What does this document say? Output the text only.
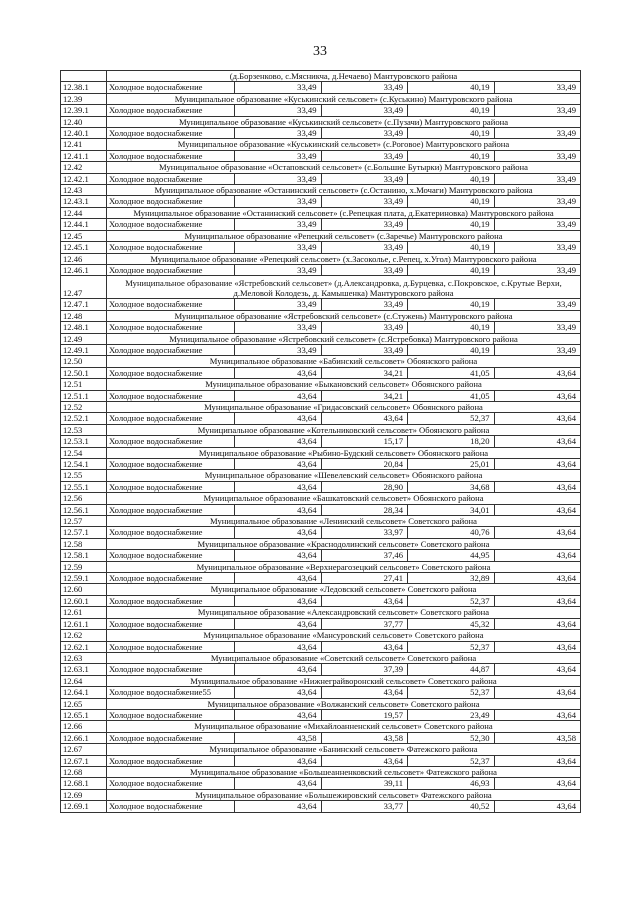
33
	(д.Борзенково, с.Мясникча, д.Нечаево) Мантуровского района				
12.38.1	Холодное водоснабжение	33,49	33,49	40,19	33,49
12.39	Муниципальное образование «Куськинский сельсовет» (с.Куськино) Мантуровского района				
12.39.1	Холодное водоснабжение	33,49	33,49	40,19	33,49
12.40	Муниципальное образование «Куськинский сельсовет» (с.Пузачи) Мантуровского района				
12.40.1	Холодное водоснабжение	33,49	33,49	40,19	33,49
12.41	Муниципальное образование «Куськинский сельсовет» (с.Роговое) Мантуровского района				
12.41.1	Холодное водоснабжение	33,49	33,49	40,19	33,49
12.42	Муниципальное образование «Остаповский сельсовет» (с.Большие Бутырки) Мантуровского района				
12.42.1	Холодное водоснабжение	33,49	33,49	40,19	33,49
12.43	Муниципальное образование «Останинский сельсовет» (с.Останино, х.Мочаги) Мантуровского района				
12.43.1	Холодное водоснабжение	33,49	33,49	40,19	33,49
12.44	Муниципальное образование «Останинский сельсовет» (с.Репецкая плата, д.Екатериновка) Мантуровского района				
12.44.1	Холодное водоснабжение	33,49	33,49	40,19	33,49
12.45	Муниципальное образование «Репецкий сельсовет» (с.Заречье) Мантуровского района				
12.45.1	Холодное водоснабжение	33,49	33,49	40,19	33,49
12.46	Муниципальное образование «Репецкий сельсовет» (х.Засоколье, с.Репец, х.Угол) Мантуровского района				
12.46.1	Холодное водоснабжение	33,49	33,49	40,19	33,49
12.47	Муниципальное образование «Ястребовский сельсовет» (д.Александровка, д.Бурцевка, с.Покровское, с.Крутые Верхи, д.Меловой Колодезь, д. Камышенка) Мантуровского района				
12.47.1	Холодное водоснабжение	33,49	33,49	40,19	33,49
12.48	Муниципальное образование «Ястребовский сельсовет» (с.Стужень) Мантуровского района				
12.48.1	Холодное водоснабжение	33,49	33,49	40,19	33,49
12.49	Муниципальное образование «Ястребовский сельсовет» (с.Ястребовка) Мантуровского района				
12.49.1	Холодное водоснабжение	33,49	33,49	40,19	33,49
12.50	Муниципальное образование «Бабинский сельсовет» Обоянского района				
12.50.1	Холодное водоснабжение	43,64	34,21	41,05	43,64
12.51	Муниципальное образование «Быкановский сельсовет» Обоянского района				
12.51.1	Холодное водоснабжение	43,64	34,21	41,05	43,64
12.52	Муниципальное образование «Гридасовский сельсовет» Обоянского района				
12.52.1	Холодное водоснабжение	43,64	43,64	52,37	43,64
12.53	Муниципальное образование «Котельниковский сельсовет» Обоянского района				
12.53.1	Холодное водоснабжение	43,64	15,17	18,20	43,64
12.54	Муниципальное образование «Рыбино-Будский сельсовет» Обоянского района				
12.54.1	Холодное водоснабжение	43,64	20,84	25,01	43,64
12.55	Муниципальное образование «Шевелевский сельсовет» Обоянского района				
12.55.1	Холодное водоснабжение	43,64	28,90	34,68	43,64
12.56	Муниципальное образование «Башкатовский сельсовет» Обоянского района				
12.56.1	Холодное водоснабжение	43,64	28,34	34,01	43,64
12.57	Муниципальное образование «Ленинский сельсовет» Советского района				
12.57.1	Холодное водоснабжение	43,64	33,97	40,76	43,64
12.58	Муниципальное образование «Краснодолинский сельсовет» Советского района				
12.58.1	Холодное водоснабжение	43,64	37,46	44,95	43,64
12.59	Муниципальное образование «Верхнерагозецкий сельсовет» Советского района				
12.59.1	Холодное водоснабжение	43,64	27,41	32,89	43,64
12.60	Муниципальное образование «Ледовский сельсовет» Советского района				
12.60.1	Холодное водоснабжение	43,64	43,64	52,37	43,64
12.61	Муниципальное образование «Александровский сельсовет» Советского района				
12.61.1	Холодное водоснабжение	43,64	37,77	45,32	43,64
12.62	Муниципальное образование «Мансуровский сельсовет» Советского района				
12.62.1	Холодное водоснабжение	43,64	43,64	52,37	43,64
12.63	Муниципальное образование «Советский сельсовет» Советского района				
12.63.1	Холодное водоснабжение	43,64	37,39	44,87	43,64
12.64	Муниципальное образование «Нижнеграйворонский сельсовет» Советского района				
12.64.1	Холодное водоснабжение55	43,64	43,64	52,37	43,64
12.65	Муниципальное образование «Волжанский сельсовет» Советского района				
12.65.1	Холодное водоснабжение	43,64	19,57	23,49	43,64
12.66	Муниципальное образование «Михайлоанненский сельсовет» Советского района				
12.66.1	Холодное водоснабжение	43,58	43,58	52,30	43,58
12.67	Муниципальное образование «Банинский сельсовет» Фатежского района				
12.67.1	Холодное водоснабжение	43,64	43,64	52,37	43,64
12.68	Муниципальное образование «Большеанненковский сельсовет» Фатежского района				
12.68.1	Холодное водоснабжение	43,64	39,11	46,93	43,64
12.69	Муниципальное образование «Большежировский сельсовет» Фатежского района				
12.69.1	Холодное водоснабжение	43,64	33,77	40,52	43,64
